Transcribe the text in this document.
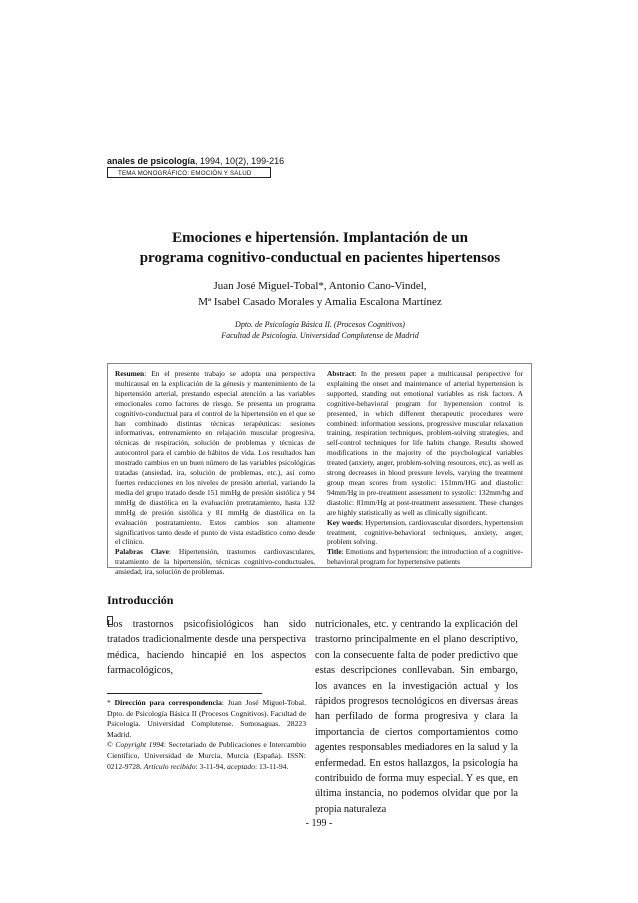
anales de psicología, 1994, 10(2), 199-216
TEMA MONOGRÁFICO: EMOCIÓN Y SALUD
Emociones e hipertensión. Implantación de un
programa cognitivo-conductual en pacientes hipertensos
Juan José Miguel-Tobal*, Antonio Cano-Vindel,
Mª Isabel Casado Morales y Amalia Escalona Martínez
Dpto. de Psicología Básica II. (Procesos Cognitivos)
Facultad de Psicología. Universidad Complutense de Madrid
Resumen: En el presente trabajo se adopta una perspectiva multicausal en la explicación de la génesis y mantenimiento de la hipertensión arterial, prestando especial atención a las variables emocionales como factores de riesgo. Se presenta un programa cognitivo-conductual para el control de la hipertensión en el que se han combinado distintas técnicas terapéuticas: sesiones informativas, entrenamiento en relajación muscular progresiva, técnicas de respiración, solución de problemas y técnicas de autocontrol para el cambio de hábitos de vida. Los resultados han mostrado cambios en un buen número de las variables psicológicas tratadas (ansiedad, ira, solución de problemas, etc.), así como fuertes reducciones en los niveles de presión arterial, variando la media del grupo tratado desde 151 mmHg de presión sistólica y 94 mmHg de diastólica en la evaluación pretratamiento, hasta 132 mmHg de presión sistólica y 81 mmHg de diastólica en la evaluación postratamiento. Estos cambios son altamente significativos tanto desde el punto de vista estadístico como desde el clínico.
Palabras Clave: Hipertensión, trastornos cardiovasculares, tratamiento de la hipertensión, técnicas cognitivo-conductuales, ansiedad, ira, solución de problemas.
Abstract: In the present paper a multicausal perspective for explaining the onset and maintenance of arterial hypertension is supported, standing out emotional variables as risk factors. A cognitive-behavioral program for hypertension control is presented, in which different therapeutic procedures were combined: information sessions, progressive muscular relaxation training, respiration techniques, problem-solving strategies, and self-control techniques for life habits change. Results showed modifications in the majority of the psychological variables treated (anxiety, anger, problem-solving resources, etc), as well as strong decreases in blood pressure levels, varying the treatment group mean scores from systolic: 151mm/HG and diastolic: 94mm/Hg in pre-treatment assessment to systolic: 132mm/hg and diastolic: 81mm/Hg at post-treatment assessment. These changes are highly statistically as well as clinically significant.
Key words: Hypertension, cardiovascular disorders, hypertension treatment, cognitive-behavioral techniques, anxiety, anger, problem solving.
Title: Emotions and hypertension: the introduction of a cognitive-behavioral program for hypertensive patients
Introducción
Los trastornos psicofisiológicos han sido tratados tradicionalmente desde una perspectiva médica, haciendo hincapié en los aspectos farmacológicos,
nutricionales, etc. y centrando la explicación del trastorno principalmente en el plano descriptivo, con la consecuente falta de poder predictivo que estas descripciones conllevaban. Sin embargo, los avances en la investigación actual y los rápidos progresos tecnológicos en diversas áreas han perfilado de forma progresiva y clara la importancia de ciertos comportamientos como agentes responsables mediadores en la salud y la enfermedad. En estos hallazgos, la psicología ha contribuido de forma muy especial. Y es que, en última instancia, no podemos olvidar que por la propia naturaleza
* Dirección para correspondencia: Juan José Miguel-Tobal. Dpto. de Psicología Básica II (Procesos Cognitivos). Facultad de Psicología. Universidad Complutense. Somosaguas. 28223 Madrid.
© Copyright 1994: Secretariado de Publicaciones e Intercambio Científico, Universidad de Murcia, Murcia (España). ISSN: 0212-9728. Artículo recibido: 3-11-94, aceptado: 13-11-94.
- 199 -
